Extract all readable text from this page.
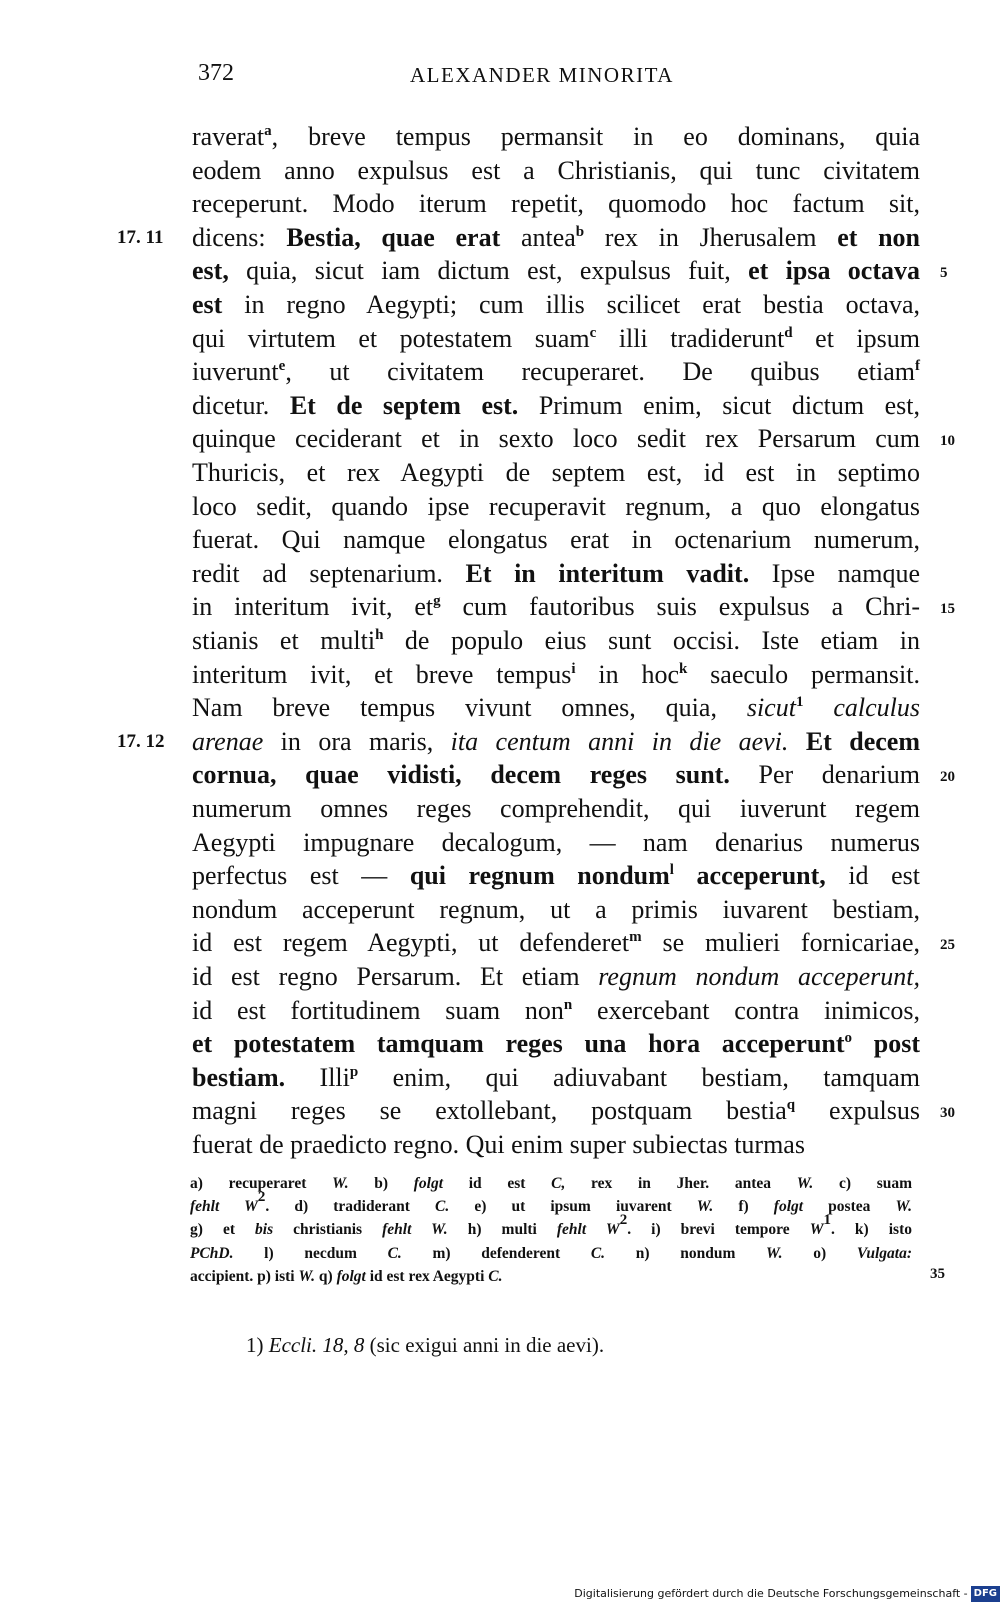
372	ALEXANDER MINORITA
raverat$^a$, breve tempus permansit in eo dominans, quia
eodem anno expulsus est a Christianis, qui tunc civitatem
receperunt. Modo iterum repetit, quomodo hoc factum sit,
dicens: Bestia, quae erat antea$^b$ rex in Jherusalem et non
est, quia, sicut iam dictum est, expulsus fuit, et ipsa octava
est in regno Aegypti; cum illis scilicet erat bestia octava,
qui virtutem et potestatem suam$^c$ illi tradiderunt$^d$ et ipsum
iuverunt$^e$, ut civitatem recuperaret. De quibus etiam$^f$
dicetur. Et de septem est. Primum enim, sicut dictum est,
quinque ceciderant et in sexto loco sedit rex Persarum cum
Thuricis, et rex Aegypti de septem est, id est in septimo
loco sedit, quando ipse recuperavit regnum, a quo elongatus
fuerat. Qui namque elongatus erat in octenarium numerum,
redit ad septenarium. Et in interitum vadit. Ipse namque
in interitum ivit, $et^g$ cum fautoribus suis expulsus a Chri-
stianis et multi$^h$ de populo eius sunt occisi. Iste etiam in
interitum ivit, et breve tempus$^i$ in hoc$^k$ saeculo permansit.
Nam breve tempus vivunt omnes, quia, sicut$^1$ calculus
arenae in ora maris, ita centum anni in die aevi. Et decem
cornua, quae vidisti, decem reges sunt. Per denarium
numerum omnes reges comprehendit, qui iuverunt regem
Aegypti impugnare decalogum, — nam denarius numerus
perfectus est — qui regnum nondum$^l$ acceperunt, id est
nondum acceperunt regnum, ut a primis iuvarent bestiam,
id est regem Aegypti, ut defenderet$^m$ se mulieri fornicariae,
id est regno Persarum. Et etiam regnum nondum acceperunt,
id est fortitudinem suam non$^n$ exercebant contra inimicos,
et potestatem tamquam reges una hora acceperunt$^o$ post
bestiam. Illi$^p$ enim, qui adiuvabant bestiam, tamquam
magni reges se extollebant, postquam bestia$^q$ expulsus
fuerat de praedicto regno. Qui enim super subiectas turmas
17. 11
17. 12
5
10
15
20
25
30
a) recuperaret W. b) folgt id est C, rex in Jher. antea W. c) suam
fehlt $W^2$. d) tradiderant C. e) ut ipsum iuvarent W. f) folgt postea W.
g) et bis christianis fehlt W. h) multi fehlt $W^2$. i) brevi tempore $W^1$. k) isto
PChD. l) necdum C. m) defenderent C. n) nondum W. o) Vulgata:
accipient. p) isti W. q) folgt id est rex Aegypti C.	35
1) Eccli. 18, 8 (sic exigui anni in die aevi).
Digitalisierung gefördert durch die Deutsche Forschungsgemeinschaft - DFG
